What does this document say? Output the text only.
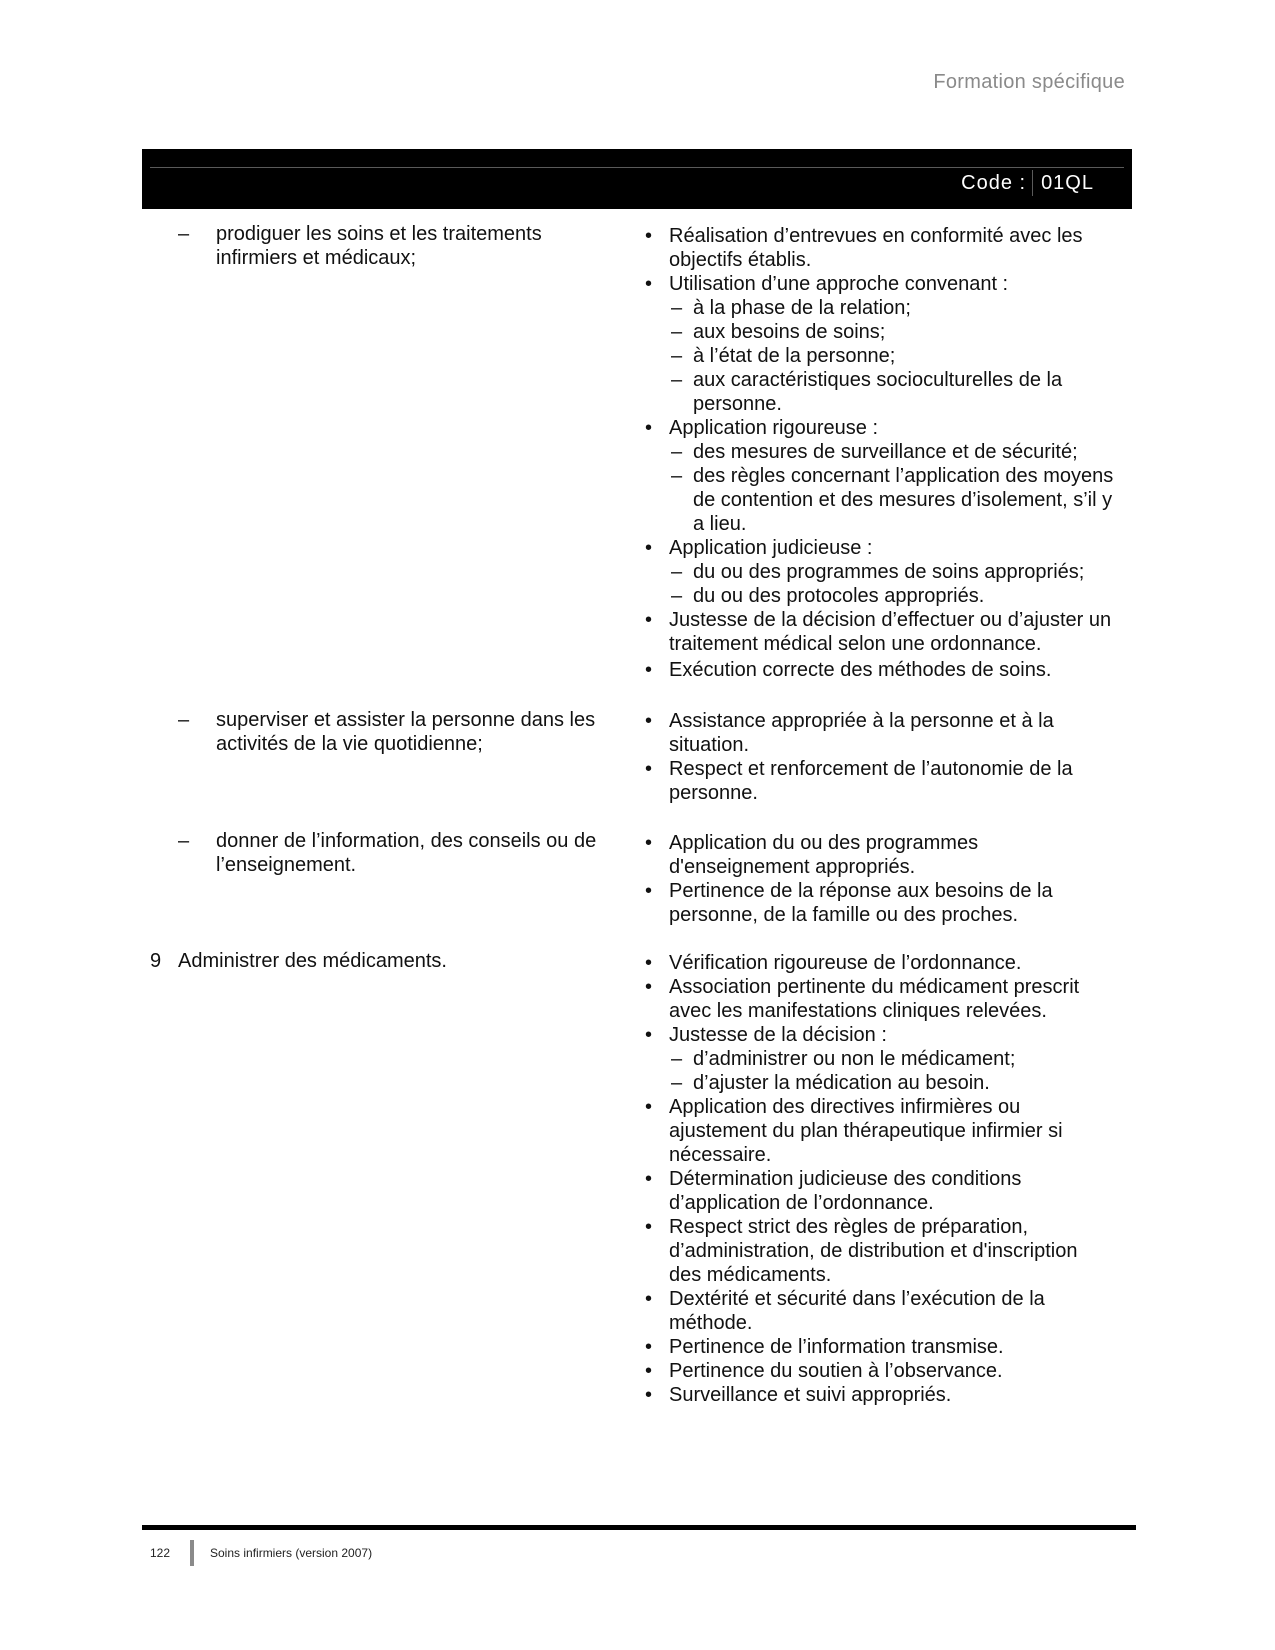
Formation spécifique
Code : 01QL
– prodiguer les soins et les traitements infirmiers et médicaux;
• Réalisation d’entrevues en conformité avec les objectifs établis.
• Utilisation d’une approche convenant :
– à la phase de la relation;
– aux besoins de soins;
– à l’état de la personne;
– aux caractéristiques socioculturelles de la personne.
• Application rigoureuse :
– des mesures de surveillance et de sécurité;
– des règles concernant l’application des moyens de contention et des mesures d’isolement, s’il y a lieu.
• Application judicieuse :
– du ou des programmes de soins appropriés;
– du ou des protocoles appropriés.
• Justesse de la décision d’effectuer ou d’ajuster un traitement médical selon une ordonnance.
• Exécution correcte des méthodes de soins.
– superviser et assister la personne dans les activités de la vie quotidienne;
• Assistance appropriée à la personne et à la situation.
• Respect et renforcement de l’autonomie de la personne.
– donner de l’information, des conseils ou de l’enseignement.
• Application du ou des programmes d'enseignement appropriés.
• Pertinence de la réponse aux besoins de la personne, de la famille ou des proches.
9 Administrer des médicaments.
•	Vérification rigoureuse de l’ordonnance.
• Association pertinente du médicament prescrit avec les manifestations cliniques relevées.
• Justesse de la décision :
– d’administrer ou non le médicament;
– d’ajuster la médication au besoin.
• Application des directives infirmières ou ajustement du plan thérapeutique infirmier si nécessaire.
• Détermination judicieuse des conditions d’application de l’ordonnance.
• Respect strict des règles de préparation, d’administration, de distribution et d'inscription des médicaments.
• Dextérité et sécurité dans l’exécution de la méthode.
• Pertinence de l’information transmise.
• Pertinence du soutien à l’observance.
• Surveillance et suivi appropriés.
122	Soins infirmiers (version 2007)
